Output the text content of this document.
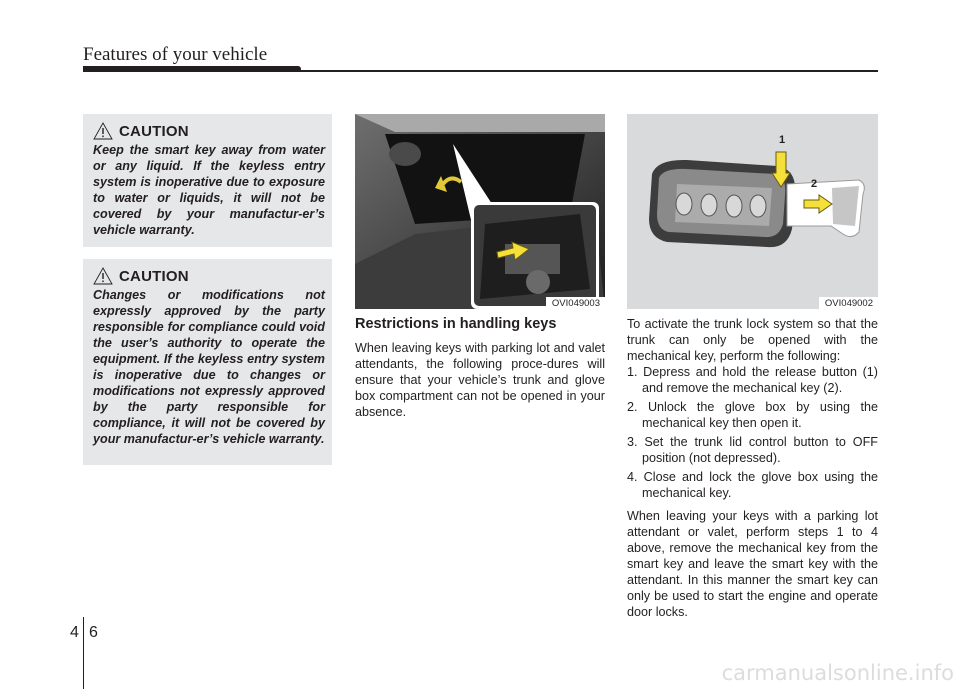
Features of your vehicle
CAUTION

Keep the smart key away from water or any liquid. If the keyless entry system is inoperative due to exposure to water or liquids, it will not be covered by your manufactur-er’s vehicle warranty.

CAUTION

Changes or modifications not expressly approved by the party responsible for compliance could void the user’s authority to operate the equipment. If the keyless entry system is inoperative due to changes or modifications not expressly approved by the party responsible for compliance, it will not be covered by your manufactur-er’s vehicle warranty.

OVI049003
1
2
OVI049002
Restrictions in handling keys

When leaving keys with parking lot and valet attendants, the following proce-dures will ensure that your vehicle’s trunk and glove box compartment can not be opened in your absence.

To activate the trunk lock system so that the trunk can only be opened with the mechanical key, perform the following:

1. Depress and hold the release button (1) and remove the mechanical key (2).
2. Unlock the glove box by using the mechanical key then open it.
3. Set the trunk lid control button to OFF position (not depressed).
4. Close and lock the glove box using the mechanical key.

When leaving your keys with a parking lot attendant or valet, perform steps 1 to 4 above, remove the mechanical key from the smart key and leave the smart key with the attendant. In this manner the smart key can only be used to start the engine and operate door locks.

4 6
carmanualsonline.info
